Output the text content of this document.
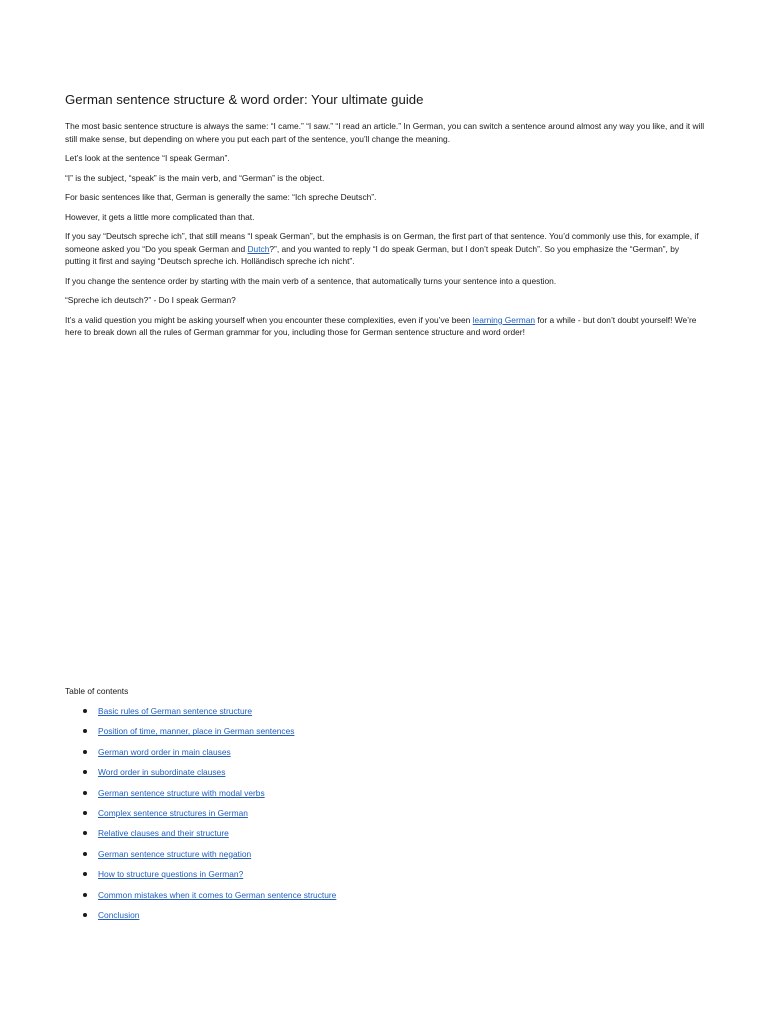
German sentence structure & word order: Your ultimate guide

The most basic sentence structure is always the same: “I came.” “I saw.” “I read an article.” In German, you can switch a sentence around almost any way you like, and it will still make sense, but depending on where you put each part of the sentence, you’ll change the meaning.

Let’s look at the sentence “I speak German”.

“I” is the subject, “speak” is the main verb, and “German” is the object.

For basic sentences like that, German is generally the same: “Ich spreche Deutsch”.

However, it gets a little more complicated than that.

If you say “Deutsch spreche ich”, that still means “I speak German”, but the emphasis is on German, the first part of that sentence. You’d commonly use this, for example, if someone asked you “Do you speak German and Dutch?”, and you wanted to reply “I do speak German, but I don’t speak Dutch”. So you emphasize the “German”, by putting it first and saying “Deutsch spreche ich. Holländisch spreche ich nicht”.

If you change the sentence order by starting with the main verb of a sentence, that automatically turns your sentence into a question.

“Spreche ich deutsch?” - Do I speak German?

It’s a valid question you might be asking yourself when you encounter these complexities, even if you’ve been learning German for a while - but don’t doubt yourself! We’re here to break down all the rules of German grammar for you, including those for German sentence structure and word order!

Table of contents
Basic rules of German sentence structure
Position of time, manner, place in German sentences
German word order in main clauses
Word order in subordinate clauses
German sentence structure with modal verbs
Complex sentence structures in German
Relative clauses and their structure
German sentence structure with negation
How to structure questions in German?
Common mistakes when it comes to German sentence structure
Conclusion
